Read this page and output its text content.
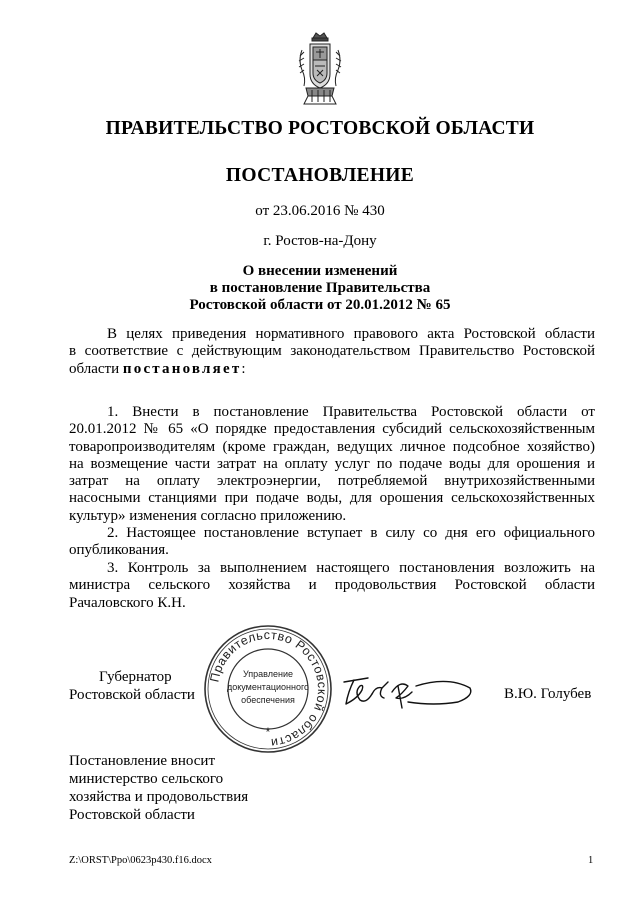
ПРАВИТЕЛЬСТВО РОСТОВСКОЙ ОБЛАСТИ
ПОСТАНОВЛЕНИЕ
от 23.06.2016 № 430
г. Ростов-на-Дону
О внесении изменений
в постановление Правительства
Ростовской области от 20.01.2012 № 65
В целях приведения нормативного правового акта Ростовской области
в соответствие с действующим законодательством Правительство Ростовской
области постановляет:
1. Внести в постановление Правительства Ростовской области от
20.01.2012 № 65 «О порядке предоставления субсидий сельскохозяйственным
товаропроизводителям (кроме граждан, ведущих личное подсобное хозяйство)
на возмещение части затрат на оплату услуг по подаче воды для орошения и
затрат на оплату электроэнергии, потребляемой внутрихозяйственными
насосными станциями при подаче воды, для орошения сельскохозяйственных
культур» изменения согласно приложению.
2. Настоящее постановление вступает в силу со дня его официального
опубликования.
3. Контроль за выполнением настоящего постановления возложить на
министра сельского хозяйства и продовольствия Ростовской области
Рачаловского К.Н.
Губернатор
Ростовской области
Правительство Ростовской области
Управление
документационного
обеспечения
*
В.Ю. Голубев
Постановление вносит
министерство сельского
хозяйства и продовольствия
Ростовской области
Z:\ORST\Ppo\0623p430.f16.docx	1
